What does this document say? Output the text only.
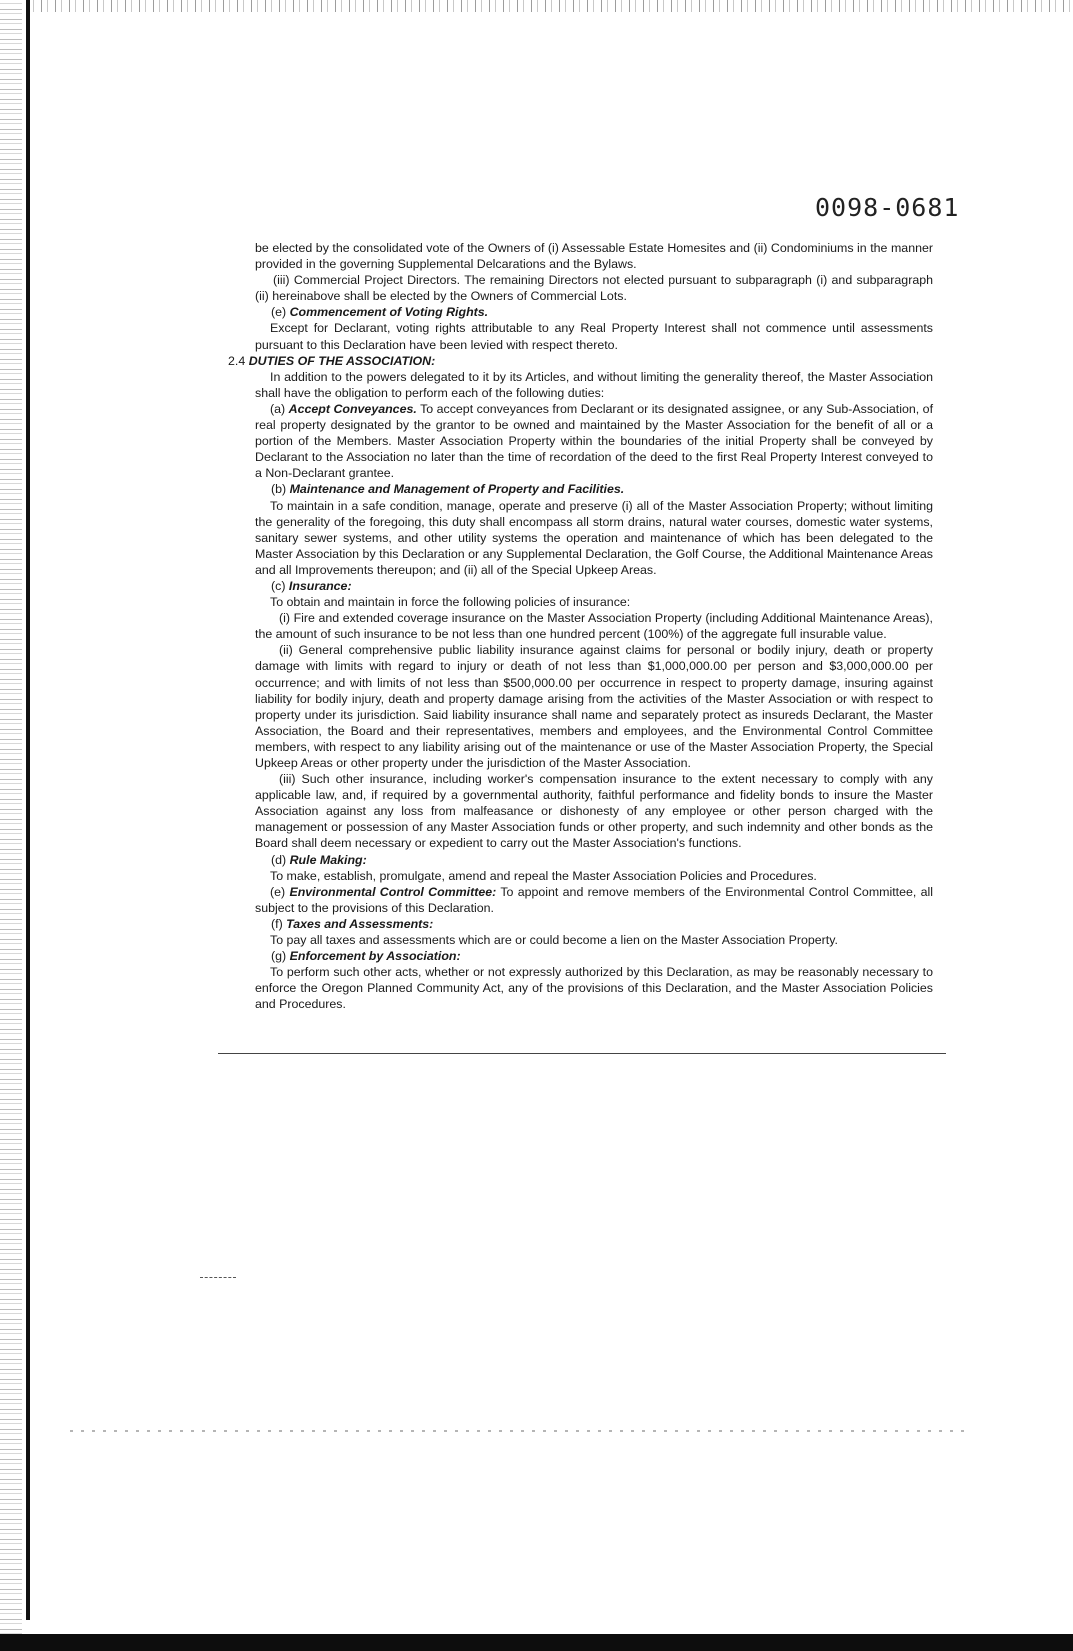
0098-0681

be elected by the consolidated vote of the Owners of (i) Assessable Estate Homesites and (ii) Condominiums in the manner provided in the governing Supplemental Delcarations and the Bylaws.

(iii) Commercial Project Directors. The remaining Directors not elected pursuant to subparagraph (i) and subparagraph (ii) hereinabove shall be elected by the Owners of Commercial Lots.

(e) Commencement of Voting Rights.

Except for Declarant, voting rights attributable to any Real Property Interest shall not commence until assessments pursuant to this Declaration have been levied with respect thereto.

2.4 DUTIES OF THE ASSOCIATION:

In addition to the powers delegated to it by its Articles, and without limiting the generality thereof, the Master Association shall have the obligation to perform each of the following duties:

(a) Accept Conveyances. To accept conveyances from Declarant or its designated assignee, or any Sub-Association, of real property designated by the grantor to be owned and maintained by the Master Association for the benefit of all or a portion of the Members. Master Association Property within the boundaries of the initial Property shall be conveyed by Declarant to the Association no later than the time of recordation of the deed to the first Real Property Interest conveyed to a Non-Declarant grantee.

(b) Maintenance and Management of Property and Facilities.

To maintain in a safe condition, manage, operate and preserve (i) all of the Master Association Property; without limiting the generality of the foregoing, this duty shall encompass all storm drains, natural water courses, domestic water systems, sanitary sewer systems, and other utility systems the operation and maintenance of which has been delegated to the Master Association by this Declaration or any Supplemental Declaration, the Golf Course, the Additional Maintenance Areas and all Improvements thereupon; and (ii) all of the Special Upkeep Areas.

(c) Insurance:

To obtain and maintain in force the following policies of insurance:

(i) Fire and extended coverage insurance on the Master Association Property (including Additional Maintenance Areas), the amount of such insurance to be not less than one hundred percent (100%) of the aggregate full insurable value.

(ii) General comprehensive public liability insurance against claims for personal or bodily injury, death or property damage with limits with regard to injury or death of not less than $1,000,000.00 per person and $3,000,000.00 per occurrence; and with limits of not less than $500,000.00 per occurrence in respect to property damage, insuring against liability for bodily injury, death and property damage arising from the activities of the Master Association or with respect to property under its jurisdiction. Said liability insurance shall name and separately protect as insureds Declarant, the Master Association, the Board and their representatives, members and employees, and the Environmental Control Committee members, with respect to any liability arising out of the maintenance or use of the Master Association Property, the Special Upkeep Areas or other property under the jurisdiction of the Master Association.

(iii) Such other insurance, including worker's compensation insurance to the extent necessary to comply with any applicable law, and, if required by a governmental authority, faithful performance and fidelity bonds to insure the Master Association against any loss from malfeasance or dishonesty of any employee or other person charged with the management or possession of any Master Association funds or other property, and such indemnity and other bonds as the Board shall deem necessary or expedient to carry out the Master Association's functions.

(d) Rule Making:

To make, establish, promulgate, amend and repeal the Master Association Policies and Procedures.

(e) Environmental Control Committee: To appoint and remove members of the Environmental Control Committee, all subject to the provisions of this Declaration.

(f) Taxes and Assessments:

To pay all taxes and assessments which are or could become a lien on the Master Association Property.

(g) Enforcement by Association:

To perform such other acts, whether or not expressly authorized by this Declaration, as may be reasonably necessary to enforce the Oregon Planned Community Act, any of the provisions of this Declaration, and the Master Association Policies and Procedures.
